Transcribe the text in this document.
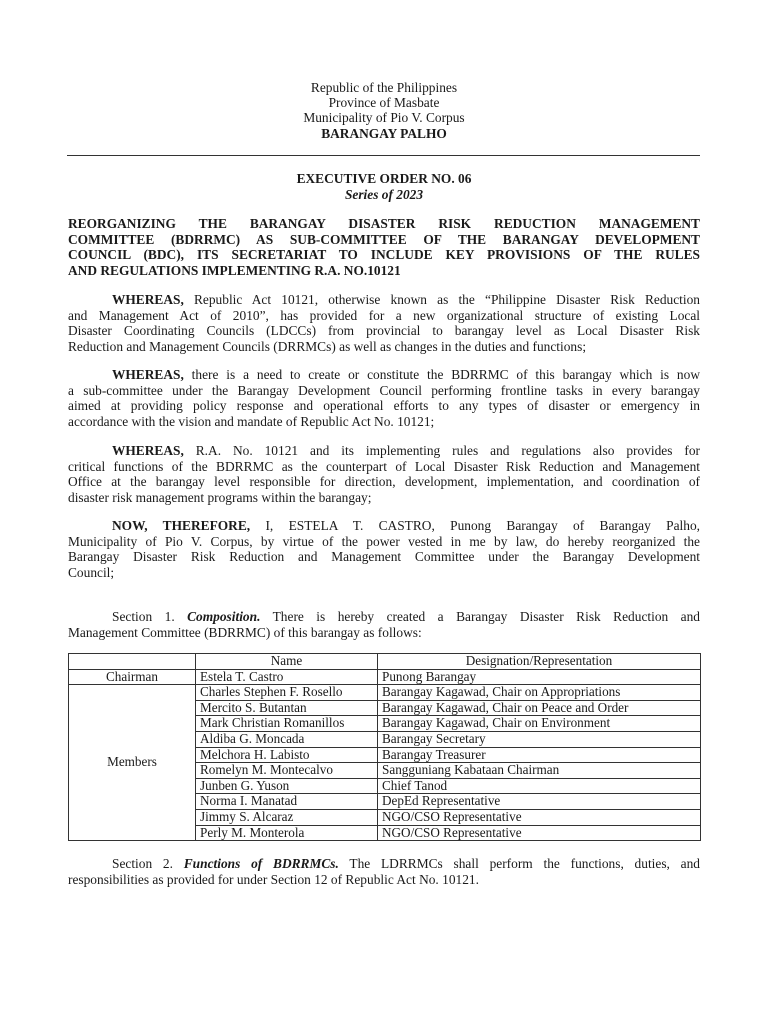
Republic of the Philippines
Province of Masbate
Municipality of Pio V. Corpus
BARANGAY PALHO
EXECUTIVE ORDER NO. 06
Series of 2023
REORGANIZING THE BARANGAY DISASTER RISK REDUCTION MANAGEMENT
COMMITTEE (BDRRMC) AS SUB-COMMITTEE OF THE BARANGAY DEVELOPMENT
COUNCIL (BDC), ITS SECRETARIAT TO INCLUDE KEY PROVISIONS OF THE RULES
AND REGULATIONS IMPLEMENTING R.A. NO.10121
WHEREAS, Republic Act 10121, otherwise known as the “Philippine Disaster Risk Reduction
and Management Act of 2010”, has provided for a new organizational structure of existing Local
Disaster Coordinating Councils (LDCCs) from provincial to barangay level as Local Disaster Risk
Reduction and Management Councils (DRRMCs) as well as changes in the duties and functions;
WHEREAS, there is a need to create or constitute the BDRRMC of this barangay which is now
a sub-committee under the Barangay Development Council performing frontline tasks in every barangay
aimed at providing policy response and operational efforts to any types of disaster or emergency in
accordance with the vision and mandate of Republic Act No. 10121;
WHEREAS, R.A. No. 10121 and its implementing rules and regulations also provides for
critical functions of the BDRRMC as the counterpart of Local Disaster Risk Reduction and Management
Office at the barangay level responsible for direction, development, implementation, and coordination of
disaster risk management programs within the barangay;
NOW, THEREFORE, I, ESTELA T. CASTRO, Punong Barangay of Barangay Palho,
Municipality of Pio V. Corpus, by virtue of the power vested in me by law, do hereby reorganized the
Barangay Disaster Risk Reduction and Management Committee under the Barangay Development
Council;
Section 1. Composition. There is hereby created a Barangay Disaster Risk Reduction and
Management Committee (BDRRMC) of this barangay as follows:
	Name	Designation/Representation
Chairman	Estela T. Castro	Punong Barangay
Members	Charles Stephen F. Rosello	Barangay Kagawad, Chair on Appropriations
	Mercito S. Butantan	Barangay Kagawad, Chair on Peace and Order
	Mark Christian Romanillos	Barangay Kagawad, Chair on Environment
	Aldiba G. Moncada	Barangay Secretary
	Melchora H. Labisto	Barangay Treasurer
	Romelyn M. Montecalvo	Sangguniang Kabataan Chairman
	Junben G. Yuson	Chief Tanod
	Norma I. Manatad	DepEd Representative
	Jimmy S. Alcaraz	NGO/CSO Representative
	Perly M. Monterola	NGO/CSO Representative
Section 2. Functions of BDRRMCs. The LDRRMCs shall perform the functions, duties, and
responsibilities as provided for under Section 12 of Republic Act No. 10121.
